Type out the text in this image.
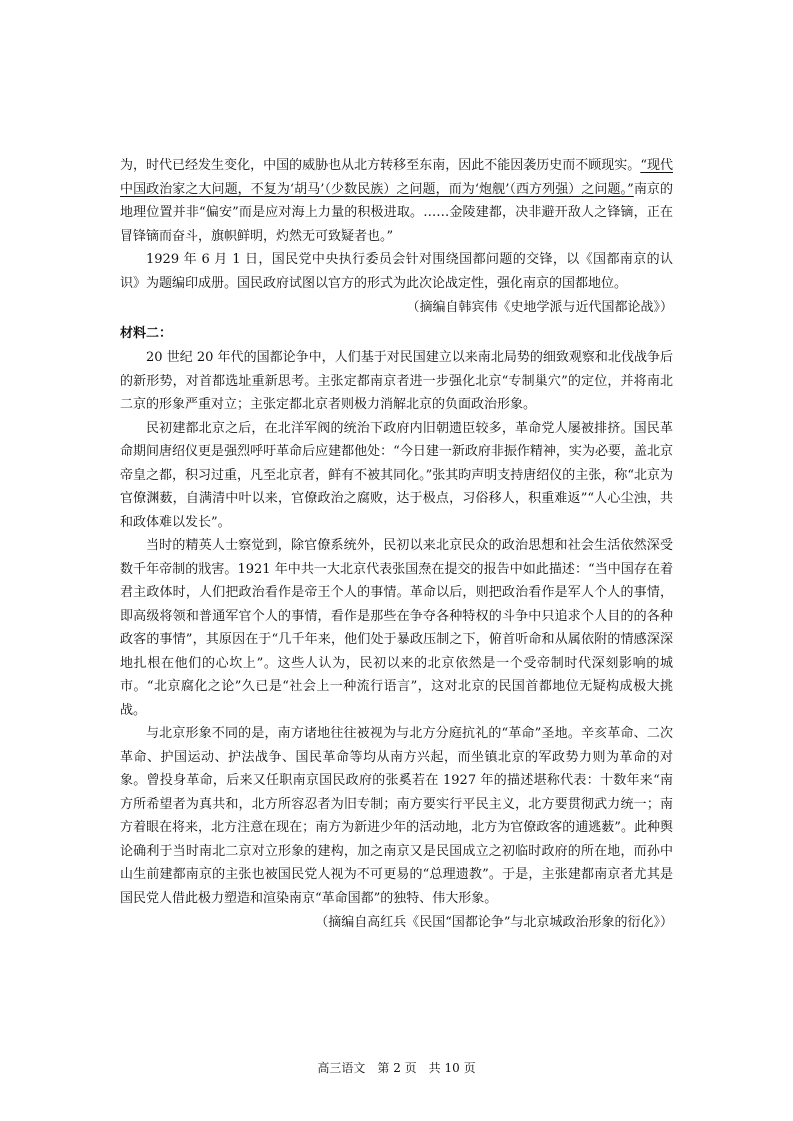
为，时代已经发生变化，中国的威胁也从北方转移至东南，因此不能因袭历史而不顾现实。“现代中国政治家之大问题，不复为‘胡马’（少数民族）之问题，而为‘炮舰’（西方列强）之问题。”南京的地理位置并非“偏安”而是应对海上力量的积极进取。……金陵建都，决非避开敌人之锋镝，正在冒锋镝而奋斗，旗帜鲜明，灼然无可致疑者也。”

1929 年 6 月 1 日，国民党中央执行委员会针对围绕国都问题的交锋，以《国都南京的认识》为题编印成册。国民政府试图以官方的形式为此次论战定性，强化南京的国都地位。

（摘编自韩宾伟《史地学派与近代国都论战》）
材料二：

20 世纪 20 年代的国都论争中，人们基于对民国建立以来南北局势的细致观察和北伐战争后的新形势，对首都选址重新思考。主张定都南京者进一步强化北京“专制巢穴”的定位，并将南北二京的形象严重对立；主张定都北京者则极力消解北京的负面政治形象。

民初建都北京之后，在北洋军阀的统治下政府内旧朝遗臣较多，革命党人屡被排挤。国民革命期间唐绍仪更是强烈呼吁革命后应建都他处：“今日建一新政府非振作精神，实为必要，盖北京帝皇之都，积习过重，凡至北京者，鲜有不被其同化。”张其昀声明支持唐绍仪的主张，称“北京为官僚渊薮，自满清中叶以来，官僚政治之腐败，达于极点，习俗移人，积重难返”“人心尘浊，共和政体难以发长”。

当时的精英人士察觉到，除官僚系统外，民初以来北京民众的政治思想和社会生活依然深受数千年帝制的戕害。1921 年中共一大北京代表张国焘在提交的报告中如此描述：“当中国存在着君主政体时，人们把政治看作是帝王个人的事情。革命以后，则把政治看作是军人个人的事情，即高级将领和普通军官个人的事情，看作是那些在争夺各种特权的斗争中只追求个人目的的各种政客的事情”，其原因在于“几千年来，他们处于暴政压制之下，俯首听命和从属依附的情感深深地扎根在他们的心坎上”。这些人认为，民初以来的北京依然是一个受帝制时代深刻影响的城市。“北京腐化之论”久已是“社会上一种流行语言”，这对北京的民国首都地位无疑构成极大挑战。

与北京形象不同的是，南方诸地往往被视为与北方分庭抗礼的“革命”圣地。辛亥革命、二次革命、护国运动、护法战争、国民革命等均从南方兴起，而坐镇北京的军政势力则为革命的对象。曾投身革命，后来又任职南京国民政府的张奚若在 1927 年的描述堪称代表：十数年来“南方所希望者为真共和，北方所容忍者为旧专制；南方要实行平民主义，北方要贯彻武力统一；南方着眼在将来，北方注意在现在；南方为新进少年的活动地，北方为官僚政客的逋逃薮”。此种舆论确利于当时南北二京对立形象的建构，加之南京又是民国成立之初临时政府的所在地，而孙中山生前建都南京的主张也被国民党人视为不可更易的“总理遗教”。于是，主张建都南京者尤其是国民党人借此极力塑造和渲染南京“革命国都”的独特、伟大形象。

（摘编自高红兵《民国“国都论争”与北京城政治形象的衍化》）
高三语文　第 2 页　共 10 页
